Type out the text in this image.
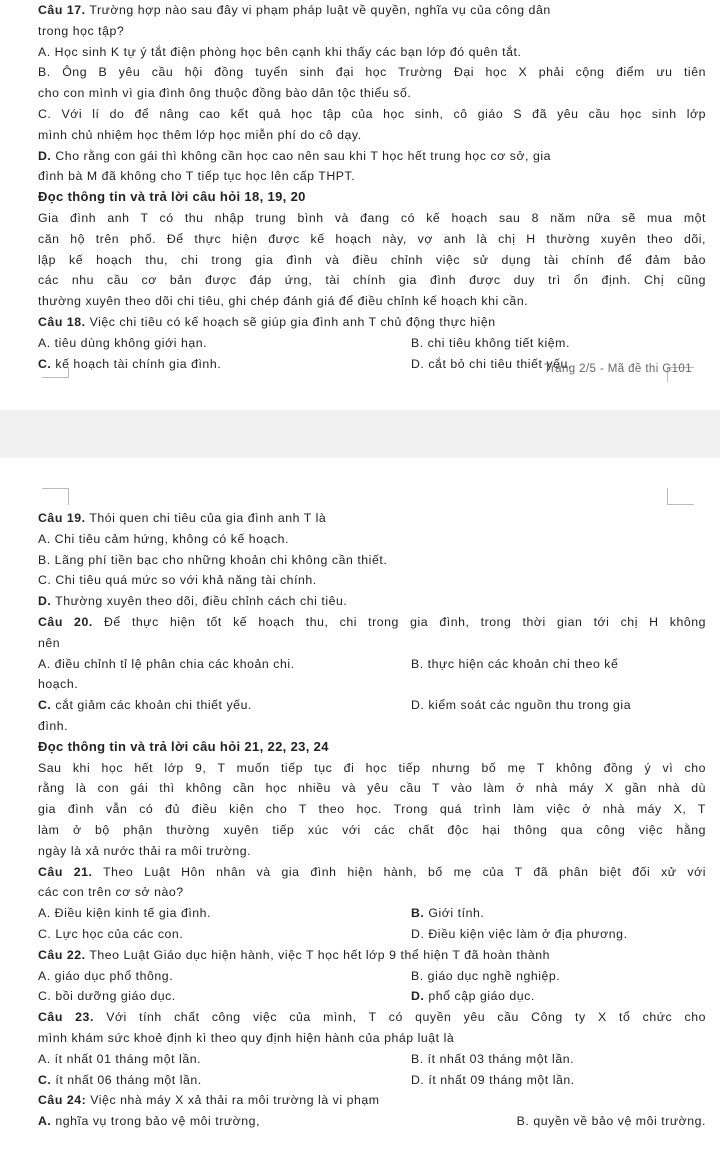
Câu 17. Trường hợp nào sau đây vi phạm pháp luật về quyền, nghĩa vụ của công dân
trong học tập?
A. Học sinh K tự ý tắt điện phòng học bên cạnh khi thấy các bạn lớp đó quên tắt.
B. Ông B yêu cầu hội đồng tuyển sinh đại học Trường Đại học X phải cộng điểm ưu tiên
cho con mình vì gia đình ông thuộc đồng bào dân tộc thiểu số.
C. Với lí do để nâng cao kết quả học tập của học sinh, cô giáo S đã yêu cầu học sinh lớp
mình chủ nhiệm học thêm lớp học miễn phí do cô dạy.
D. Cho rằng con gái thì không cần học cao nên sau khi T học hết trung học cơ sở, gia
đình bà M đã không cho T tiếp tục học lên cấp THPT.
Đọc thông tin và trả lời câu hỏi 18, 19, 20
Gia đình anh T có thu nhập trung bình và đang có kế hoạch sau 8 năm nữa sẽ mua một
căn hộ trên phố. Để thực hiện được kế hoạch này, vợ anh là chị H thường xuyên theo dõi,
lập kế hoạch thu, chi trong gia đình và điều chỉnh việc sử dụng tài chính để đảm bảo
các nhu cầu cơ bản được đáp ứng, tài chính gia đình được duy trì ổn định. Chị cũng
thường xuyên theo dõi chi tiêu, ghi chép đánh giá để điều chỉnh kế hoạch khi cần.
Câu 18. Việc chi tiêu có kế hoạch sẽ giúp gia đình anh T chủ động thực hiện
A. tiêu dùng không giới hạn.	B. chi tiêu không tiết kiệm.
C. kế hoạch tài chính gia đình.	D. cắt bỏ chi tiêu thiết yếu.
Trang 2/5 - Mã đề thi G101
Câu 19. Thói quen chi tiêu của gia đình anh T là
A. Chi tiêu cảm hứng, không có kế hoạch.
B. Lãng phí tiền bạc cho những khoản chi không cần thiết.
C. Chi tiêu quá mức so với khả năng tài chính.
D. Thường xuyên theo dõi, điều chỉnh cách chi tiêu.
Câu 20. Để thực hiện tốt kế hoạch thu, chi trong gia đình, trong thời gian tới chị H không
nên
A. điều chỉnh tỉ lệ phân chia các khoản chi.	B. thực hiện các khoản chi theo kế
hoạch.
C. cắt giảm các khoản chi thiết yếu.	D. kiểm soát các nguồn thu trong gia
đình.
Đọc thông tin và trả lời câu hỏi 21, 22, 23, 24
Sau khi học hết lớp 9, T muốn tiếp tục đi học tiếp nhưng bố mẹ T không đồng ý vì cho
rằng là con gái thì không cần học nhiều và yêu cầu T vào làm ở nhà máy X gần nhà dù
gia đình vẫn có đủ điều kiện cho T theo học. Trong quá trình làm việc ở nhà máy X, T
làm ở bộ phận thường xuyên tiếp xúc với các chất độc hại thông qua công việc hằng
ngày là xả nước thải ra môi trường.
Câu 21. Theo Luật Hôn nhân và gia đình hiện hành, bố mẹ của T đã phân biệt đối xử với
các con trên cơ sở nào?
A. Điều kiện kinh tế gia đình.	B. Giới tính.
C. Lực học của các con.	D. Điều kiện việc làm ở địa phương.
Câu 22. Theo Luật Giáo dục hiện hành, việc T học hết lớp 9 thể hiện T đã hoàn thành
A. giáo dục phổ thông.	B. giáo dục nghề nghiệp.
C. bồi dưỡng giáo dục.	D. phổ cập giáo dục.
Câu 23. Với tính chất công việc của mình, T có quyền yêu cầu Công ty X tổ chức cho
mình khám sức khoẻ định kì theo quy định hiện hành của pháp luật là
A. ít nhất 01 tháng một lần.	B. ít nhất 03 tháng một lần.
C. ít nhất 06 tháng một lần.	D. ít nhất 09 tháng một lần.
Câu 24: Việc nhà máy X xả thải ra môi trường là vi phạm
A. nghĩa vụ trong bảo vệ môi trường,	B. quyền về bảo vệ môi trường.
